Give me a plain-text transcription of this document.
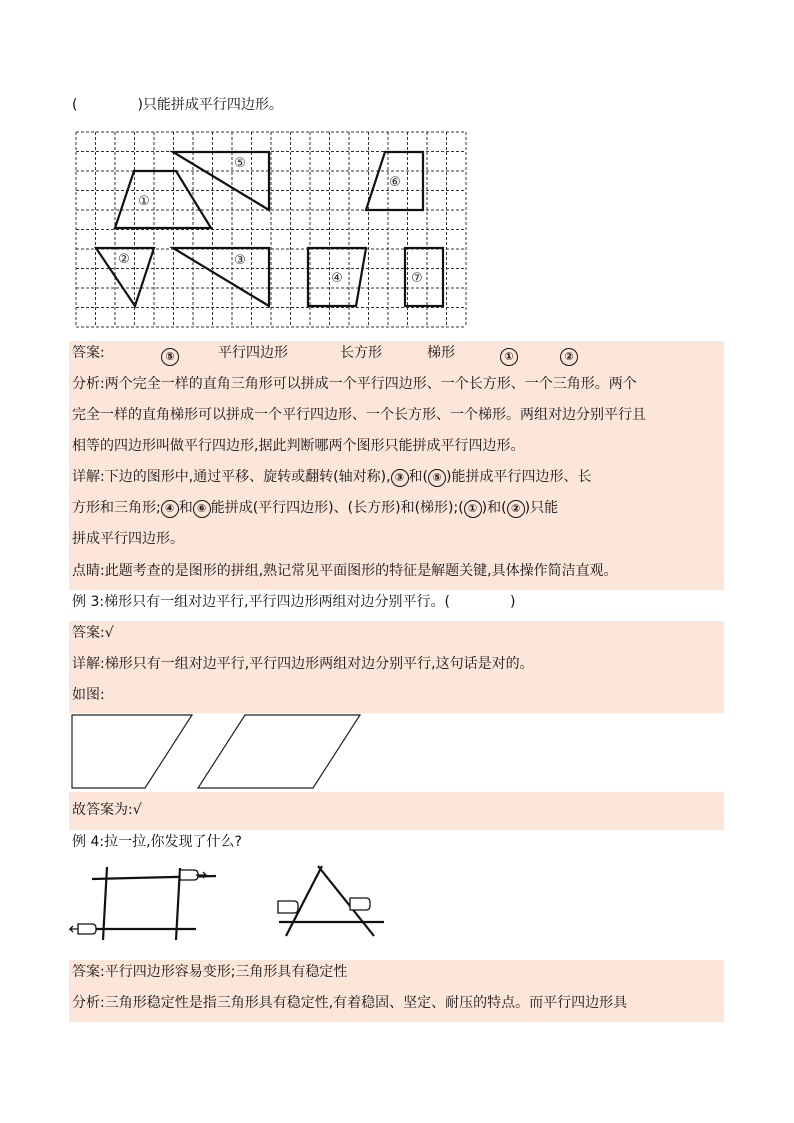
(	)只能拼成平行四边形。
①
⑤
⑥
②	③
④	⑦
答案:	⑤	平行四边形	长方形	梯形	①	②
分析:两个完全一样的直角三角形可以拼成一个平行四边形、一个长方形、一个三角形。两个
完全一样的直角梯形可以拼成一个平行四边形、一个长方形、一个梯形。两组对边分别平行且
相等的四边形叫做平行四边形,据此判断哪两个图形只能拼成平行四边形。
详解:下边的图形中,通过平移、旋转或翻转(轴对称), ③ 和( ⑤ )能拼成平行四边形、长
方形和三角形; ④ 和 ⑥ 能拼成(平行四边形)、(长方形)和(梯形);( ① )和( ② )只能
拼成平行四边形。
点睛:此题考查的是图形的拼组,熟记常见平面图形的特征是解题关键,具体操作简洁直观。
例 3:梯形只有一组对边平行,平行四边形两组对边分别平行。(	)
答案:√
详解:梯形只有一组对边平行,平行四边形两组对边分别平行,这句话是对的。
如图:
故答案为:√
例 4:拉一拉,你发现了什么?
答案:平行四边形容易变形;三角形具有稳定性
分析:三角形稳定性是指三角形具有稳定性,有着稳固、坚定、耐压的特点。而平行四边形具
